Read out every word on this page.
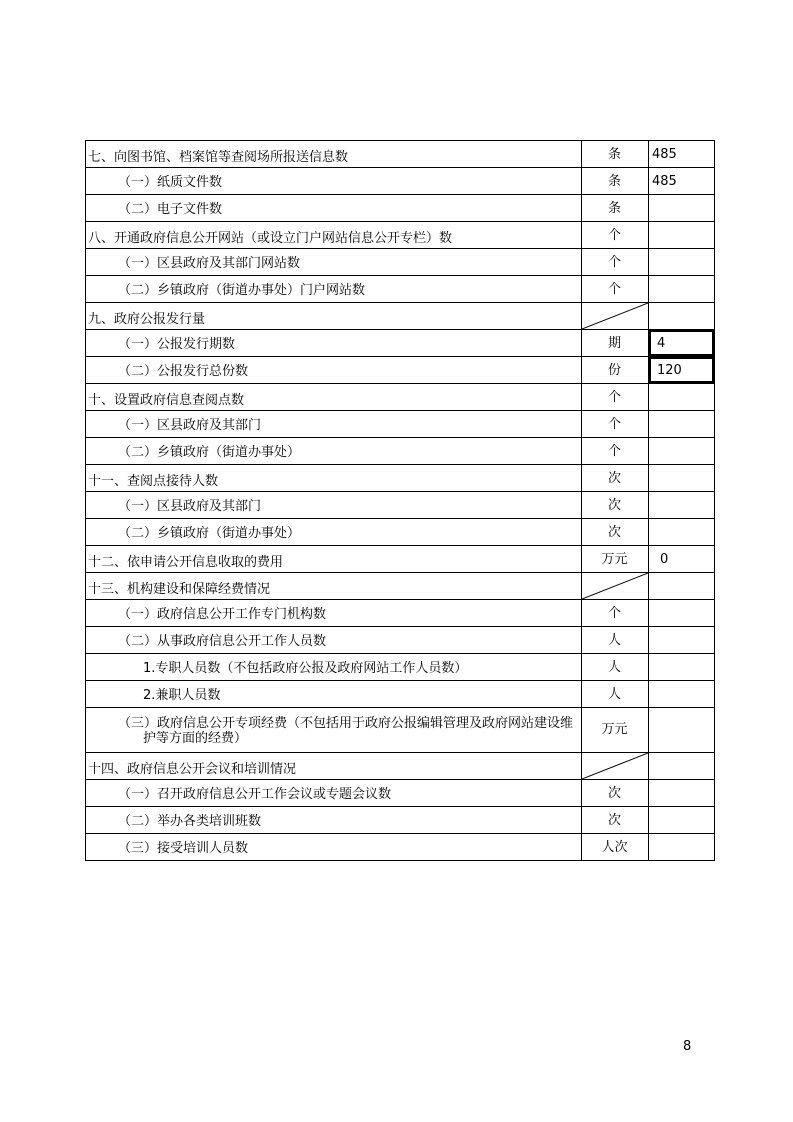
七、向图书馆、档案馆等查阅场所报送信息数	条	485
（一）纸质文件数	条	485
（二）电子文件数	条	
八、开通政府信息公开网站（或设立门户网站信息公开专栏）数	个	
（一）区县政府及其部门网站数	个	
（二）乡镇政府（街道办事处）门户网站数	个	
九、政府公报发行量	

（一）公报发行期数	期	4
（二）公报发行总份数	份	120
十、设置政府信息查阅点数	个	
（一）区县政府及其部门	个	
（二）乡镇政府（街道办事处）	个	
十一、查阅点接待人数	次	
（一）区县政府及其部门	次	
（二）乡镇政府（街道办事处）	次	
十二、依申请公开信息收取的费用	万元	0
十三、机构建设和保障经费情况	

（一）政府信息公开工作专门机构数	个	
（二）从事政府信息公开工作人员数	人	
1.专职人员数（不包括政府公报及政府网站工作人员数）	人	
2.兼职人员数	人	
（三）政府信息公开专项经费（不包括用于政府公报编辑管理及政府网站建设维护等方面的经费）	万元	
十四、政府信息公开会议和培训情况	

（一）召开政府信息公开工作会议或专题会议数	次	
（二）举办各类培训班数	次	
（三）接受培训人员数	人次	
8
